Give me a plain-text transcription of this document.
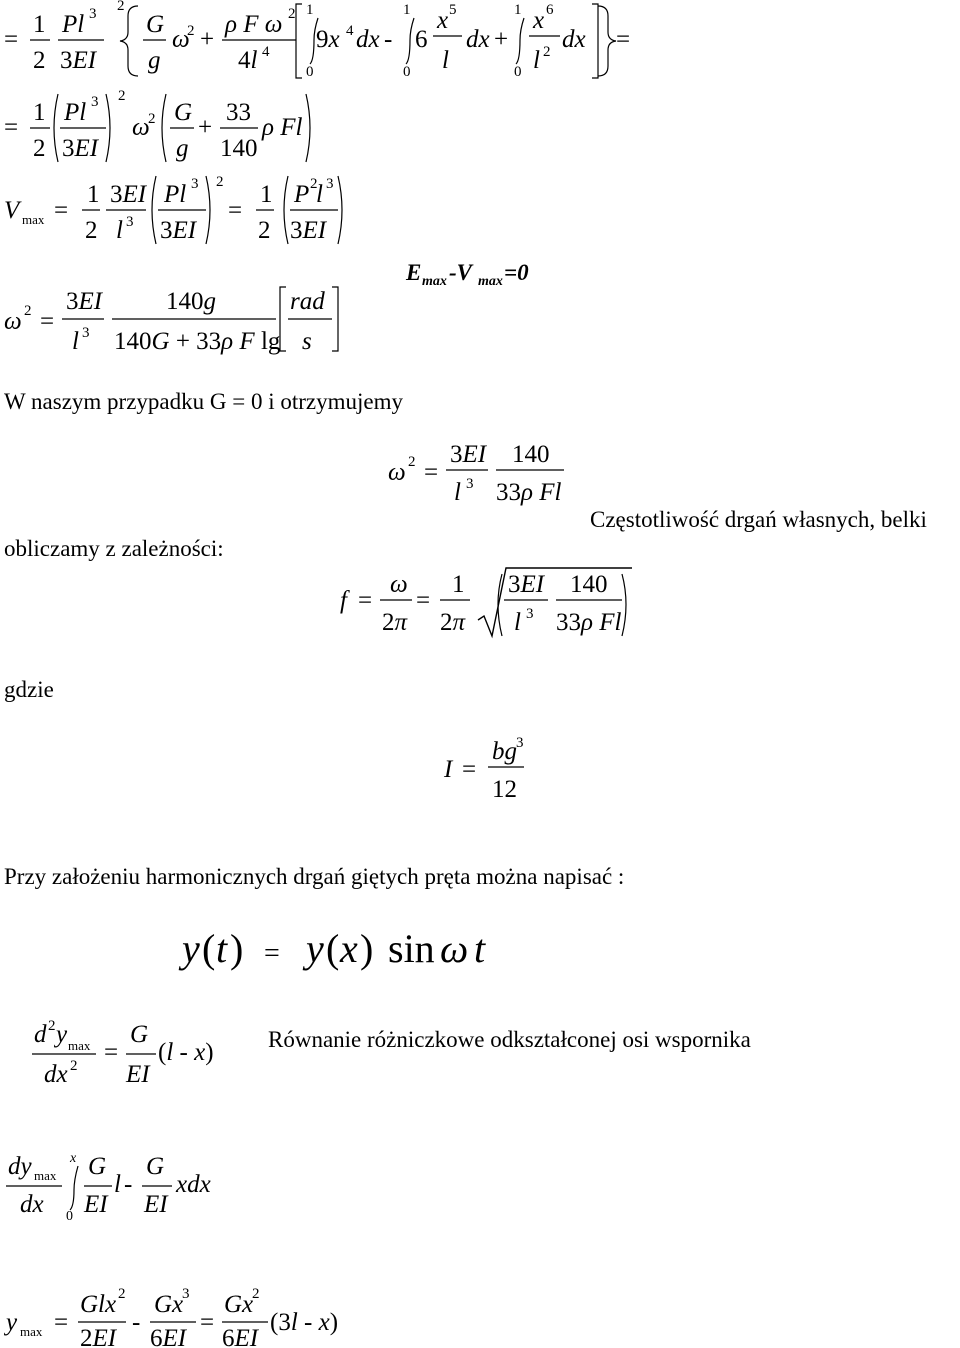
=
1
2
Pl 3
3EI
2
G
g
ω
2 +
ρ F ω 2
4l 4
1
0
9x 4 dx -
1
0
6
x 5
l
dx +
1
0
x 6
l 2 dx =
=
1
2
Pl 3
3EI
2
ω
2 G
g
+
33
140
ρ Fl
V max =
1
2
3EI
l 3
Pl 3
3EI
2
=
1
2
P 2
l 3
3EI
E max -V max =0
ω 2 =
3EI
l 3
140g
140G + 33ρ F lg
rad
s
W naszym przypadku G = 0 i otrzymujemy
ω 2 =
3EI
l 3
140
33ρ Fl
Częstotliwość drgań własnych, belki
obliczamy z zależności:
f =
ω
2π
=
1
2π
3EI
l 3
140
33ρ Fl
gdzie
I =
bg 3
12
Przy założeniu harmonicznych drgań giętych pręta można napisać :
y ( t ) = y ( x ) sin ω t
d 2 y max
dx 2 =
G
EI
(l - x) Równanie różniczkowe odkształconej osi wspornika
dy max
dx
x
0
G
EI
l -
G
EI
xdx
y max =
Glx 2
2EI
-
Gx
3
6EI
=
Gx
2
6EI
(3l - x)
